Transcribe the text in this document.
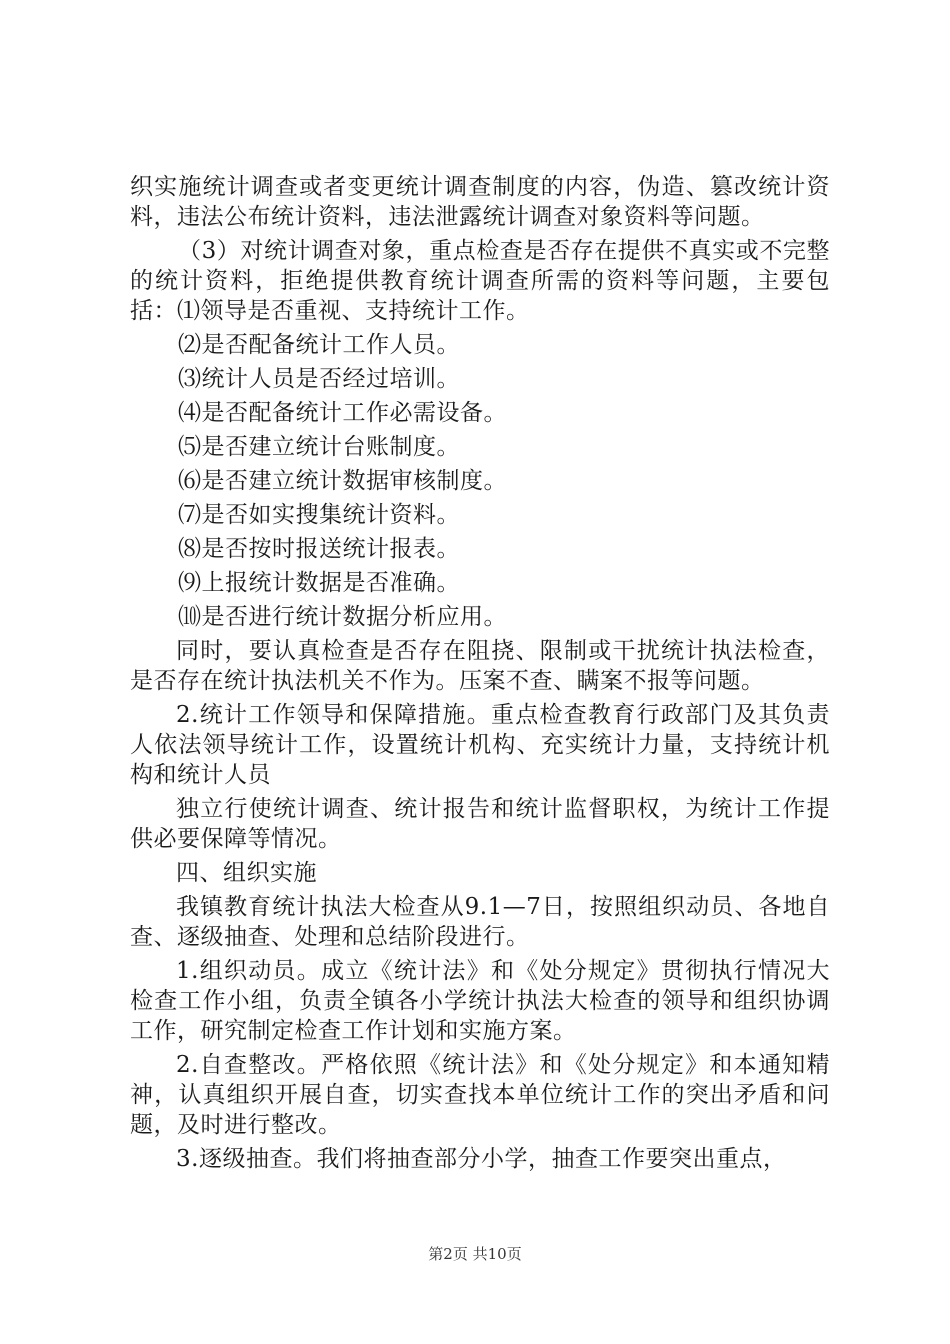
织实施统计调查或者变更统计调查制度的内容，伪造、篡改统计资料，违法公布统计资料，违法泄露统计调查对象资料等问题。

（3）对统计调查对象，重点检查是否存在提供不真实或不完整的统计资料，拒绝提供教育统计调查所需的资料等问题，主要包括：⑴领导是否重视、支持统计工作。

⑵是否配备统计工作人员。

⑶统计人员是否经过培训。

⑷是否配备统计工作必需设备。

⑸是否建立统计台账制度。

⑹是否建立统计数据审核制度。

⑺是否如实搜集统计资料。

⑻是否按时报送统计报表。

⑼上报统计数据是否准确。

⑽是否进行统计数据分析应用。

同时，要认真检查是否存在阻挠、限制或干扰统计执法检查，是否存在统计执法机关不作为。压案不查、瞒案不报等问题。

2.统计工作领导和保障措施。重点检查教育行政部门及其负责人依法领导统计工作，设置统计机构、充实统计力量，支持统计机构和统计人员

独立行使统计调查、统计报告和统计监督职权，为统计工作提供必要保障等情况。

四、组织实施

我镇教育统计执法大检查从9.1—7日，按照组织动员、各地自查、逐级抽查、处理和总结阶段进行。

1.组织动员。成立《统计法》和《处分规定》贯彻执行情况大检查工作小组，负责全镇各小学统计执法大检查的领导和组织协调工作，研究制定检查工作计划和实施方案。

2.自查整改。严格依照《统计法》和《处分规定》和本通知精神，认真组织开展自查，切实查找本单位统计工作的突出矛盾和问题，及时进行整改。

3.逐级抽查。我们将抽查部分小学，抽查工作要突出重点，

第2页 共10页
